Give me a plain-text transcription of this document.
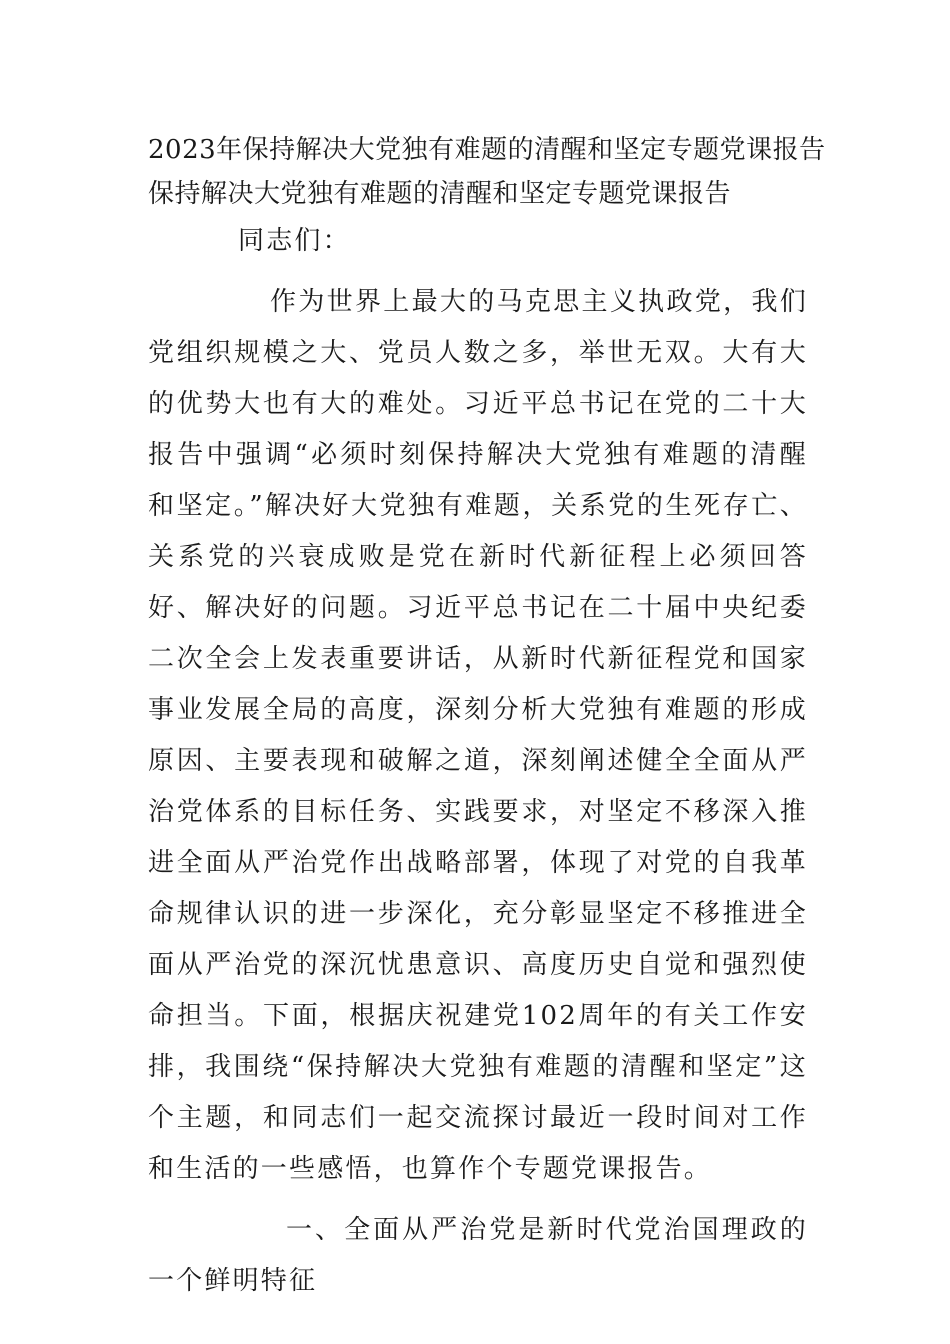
2023年保持解决大党独有难题的清醒和坚定专题党课报告
保持解决大党独有难题的清醒和坚定专题党课报告

同志们：

作为世界上最大的马克思主义执政党，我们党组织规模之大、党员人数之多，举世无双。大有大的优势大也有大的难处。习近平总书记在党的二十大报告中强调“必须时刻保持解决大党独有难题的清醒和坚定。”解决好大党独有难题，关系党的生死存亡、关系党的兴衰成败是党在新时代新征程上必须回答好、解决好的问题。习近平总书记在二十届中央纪委二次全会上发表重要讲话，从新时代新征程党和国家事业发展全局的高度，深刻分析大党独有难题的形成原因、主要表现和破解之道，深刻阐述健全全面从严治党体系的目标任务、实践要求，对坚定不移深入推进全面从严治党作出战略部署，体现了对党的自我革命规律认识的进一步深化，充分彰显坚定不移推进全面从严治党的深沉忧患意识、高度历史自觉和强烈使命担当。下面，根据庆祝建党102周年的有关工作安排，我围绕“保持解决大党独有难题的清醒和坚定”这个主题，和同志们一起交流探讨最近一段时间对工作和生活的一些感悟，也算作个专题党课报告。

一、全面从严治党是新时代党治国理政的一个鲜明特征
